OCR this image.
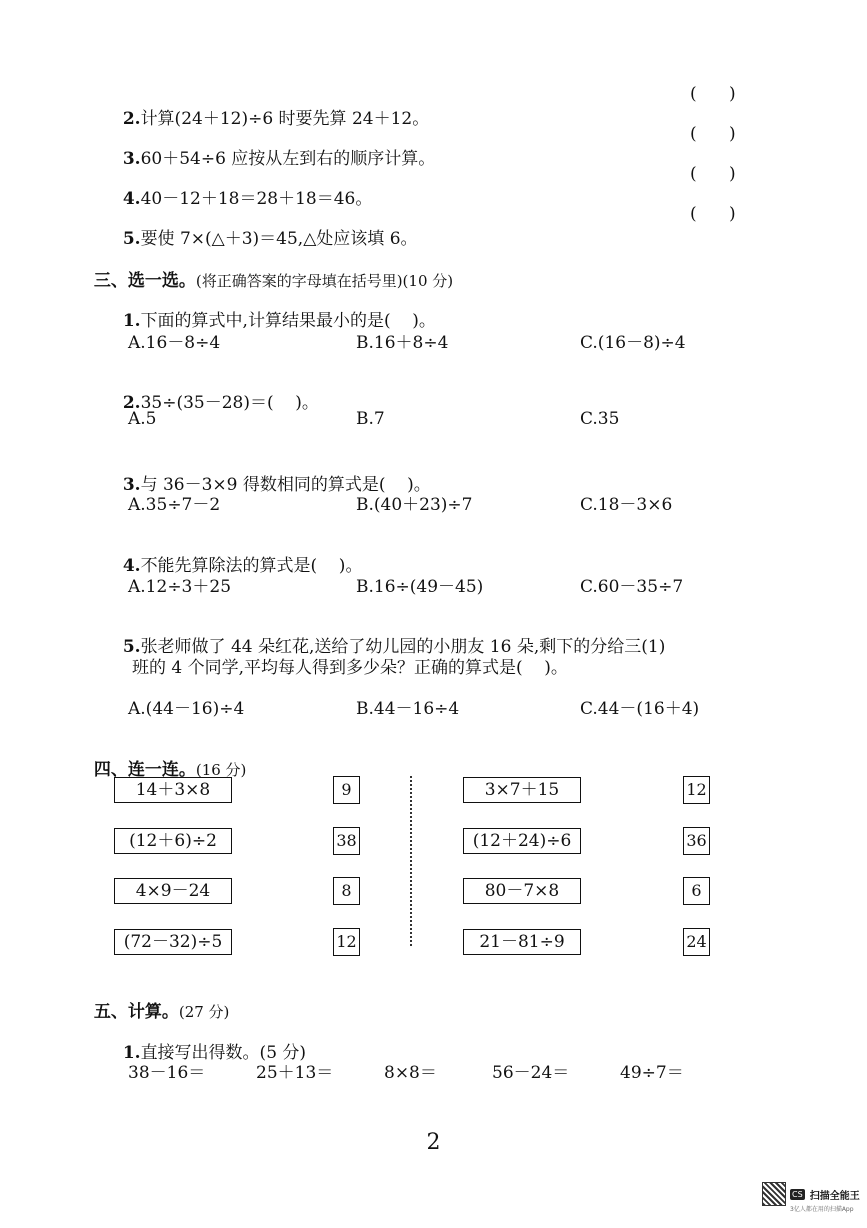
2.计算(24＋12)÷6 时要先算 24＋12。

(      )

3.60＋54÷6 应按从左到右的顺序计算。

(      )

4.40－12＋18＝28＋18＝46。

(      )

5.要使 7×(△＋3)＝45,△处应该填 6。

(      )

三、选一选。(将正确答案的字母填在括号里)(10 分)

1.下面的算式中,计算结果最小的是(    )。

A.16－8÷4	B.16＋8÷4	C.(16－8)÷4

2.35÷(35－28)＝(    )。

A.5	B.7	C.35

3.与 36－3×9 得数相同的算式是(    )。

A.35÷7－2	B.(40＋23)÷7	C.18－3×6

4.不能先算除法的算式是(    )。

A.12÷3＋25	B.16÷(49－45)	C.60－35÷7

5.张老师做了 44 朵红花,送给了幼儿园的小朋友 16 朵,剩下的分给三(1)

班的 4 个同学,平均每人得到多少朵？正确的算式是(    )。
A.(44－16)÷4	B.44－16÷4	C.44－(16＋4)

四、连一连。(16 分)

14＋3×8
(12＋6)÷2
4×9－24
(72－32)÷5
9
38
8
12
3×7＋15
(12＋24)÷6
80－7×8
21－81÷9
12
36
6
24

五、计算。(27 分)

1.直接写出得数。(5 分)

38－16＝	25＋13＝	8×8＝	56－24＝	49÷7＝
2
CS 扫描全能王
3亿人都在用的扫描App
